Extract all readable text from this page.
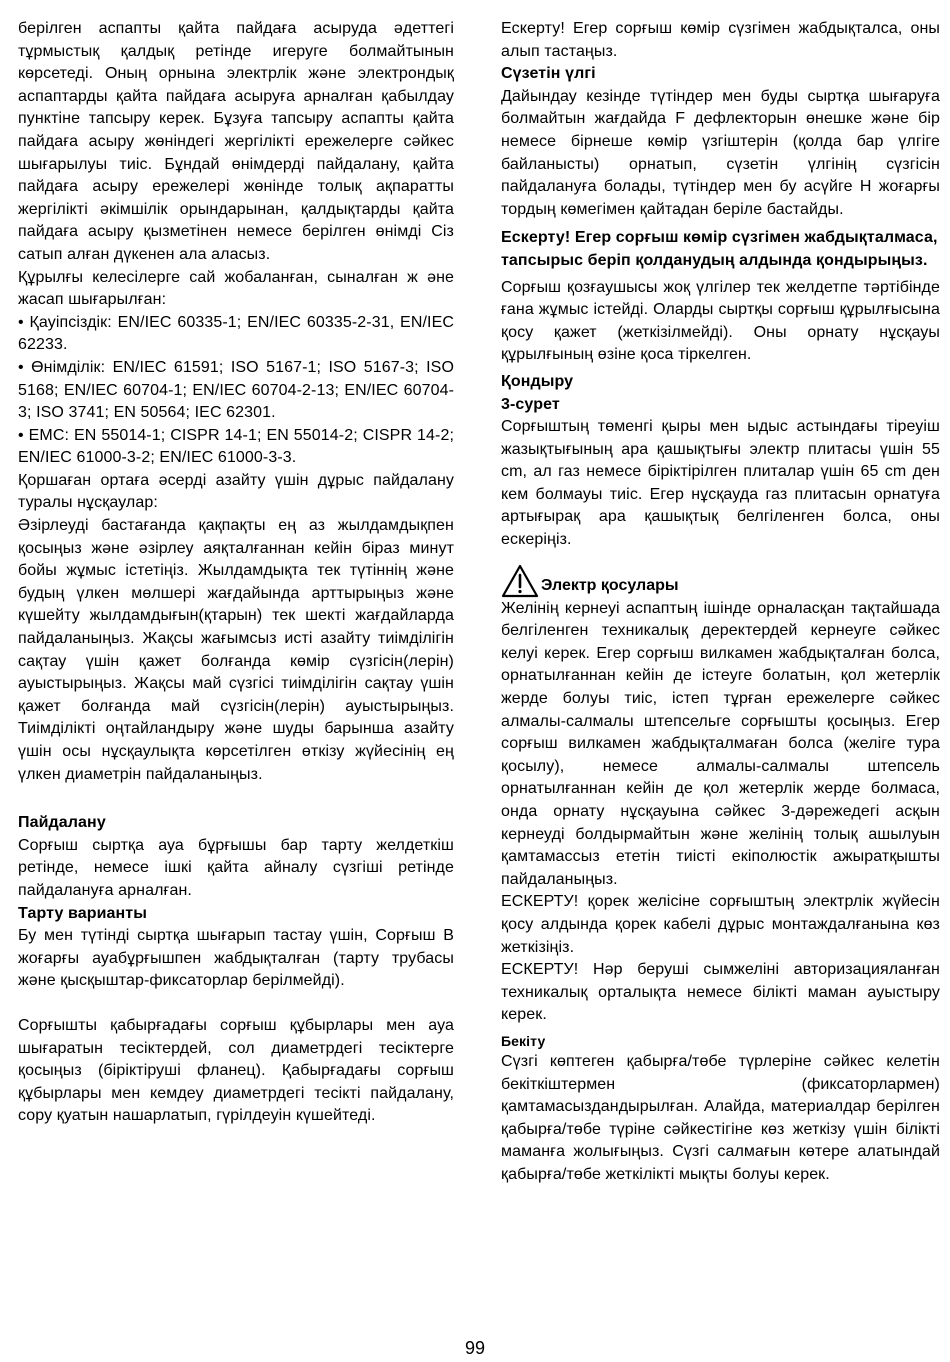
берілген аспапты қайта пайдаға асыруда әдеттегі тұрмыстық қалдық ретінде игеруге болмайтынын көрсетеді. Оның орнына электрлік және электрондық аспаптарды қайта пайдаға асыруға арналған қабылдау пунктіне тапсыру керек. Бұзуға тапсыру аспапты қайта пайдаға асыру жөніндегі жергілікті ережелерге сәйкес шығарылуы тиіс. Бұндай өнімдерді пайдалану, қайта пайдаға асыру ережелері жөнінде толық ақпаратты жергілікті әкімшілік орындарынан, қалдықтарды қайта пайдаға асыру қызметінен немесе берілген өнімді Сіз сатып алған дүкенен ала аласыз.

Құрылғы келесілерге сай жобаланған, сыналған ж әне жасап шығарылған:

• Қауіпсіздік: EN/IEC 60335-1; EN/IEC 60335-2-31, EN/IEC 62233.

• Өнімділік: EN/IEC 61591; ISO 5167-1; ISO 5167-3; ISO 5168; EN/IEC 60704-1; EN/IEC 60704-2-13; EN/IEC 60704-3; ISO 3741; EN 50564; IEC 62301.

• EMC: EN 55014-1; CISPR 14-1; EN 55014-2; CISPR 14-2; EN/IEC 61000-3-2; EN/IEC 61000-3-3.

Қоршаған ортаға әсерді азайту үшін дұрыс пайдалану туралы нұсқаулар:

Әзірлеуді бастағанда қақпақты ең аз жылдамдықпен қосыңыз және әзірлеу аяқталғаннан кейін біраз минут бойы жұмыс істетіңіз. Жылдамдықта тек түтіннің және будың үлкен мөлшері жағдайында арттырыңыз және күшейту жылдамдығын(қтарын) тек шекті жағдайларда пайдаланыңыз. Жақсы жағымсыз исті азайту тиімділігін сақтау үшін қажет болғанда көмір сүзгісін(лерін) ауыстырыңыз. Жақсы май сүзгісі тиімділігін сақтау үшін қажет болғанда май сүзгісін(лерін) ауыстырыңыз. Тиімділікті оңтайландыру және шуды барынша азайту үшін осы нұсқаулықта көрсетілген өткізу жүйесінің ең үлкен диаметрін пайдаланыңыз.

Пайдалану

Сорғыш сыртқа ауа бұрғышы бар тарту желдеткіш ретінде, немесе ішкі қайта айналу сүзгіші ретінде пайдалануға арналған.

Тарту варианты

Бу мен түтінді сыртқа шығарып тастау үшін, Сорғыш В жоғарғы ауабұрғышпен жабдықталған (тарту трубасы және қысқыштар-фиксаторлар берілмейді).

Сорғышты қабырғадағы сорғыш құбырлары мен ауа шығаратын тесіктердей, сол диаметрдегі тесіктерге қосыңыз (біріктіруші фланец). Қабырғадағы сорғыш құбырлары мен кемдеу диаметрдегі тесікті пайдалану, сору қуатын нашарлатып, гүрілдеуін күшейтеді.

Ескерту! Егер сорғыш көмір сүзгімен жабдықталса, оны алып тастаңыз.

Сүзетін үлгі

Дайындау кезінде түтіндер мен буды сыртқа шығаруға болмайтын жағдайда F дефлекторын өнешке және бір немесе бірнеше көмір үзгіштерін (қолда бар үлгіге байланысты) орнатып, сүзетін үлгінің сүзгісін пайдалануға болады, түтіндер мен бу асүйге Н жоғарғы тордың көмегімен қайтадан беріле бастайды.

Ескерту! Егер сорғыш көмір сүзгімен жабдықталмаса, тапсырыс беріп қолданудың алдында қондырыңыз.

Сорғыш қозғаушысы жоқ үлгілер тек желдетпе тәртібінде ғана жұмыс істейді. Оларды сыртқы сорғыш құрылғысына қосу қажет (жеткізілмейді). Оны орнату нұсқауы құрылғының өзіне қоса тіркелген.

Қондыру

3-сурет

Сорғыштың төменгі қыры мен ыдыс астындағы тіреуіш жазықтығының ара қашықтығы электр плитасы үшін 55 cm, ал газ немесе біріктірілген плиталар үшін 65 cm ден кем болмауы тиіс. Егер нұсқауда газ плитасын орнатуға артығырақ ара қашықтық белгіленген болса, оны ескеріңіз.

Электр қосулары

Желінің кернеуі аспаптың ішінде орналасқан тақтайшада белгіленген техникалық деректердей кернеуге сәйкес келуі керек. Егер сорғыш вилкамен жабдықталған болса, орнатылғаннан кейін де істеуге болатын, қол жетерлік жерде болуы тиіс, істеп тұрған ережелерге сәйкес алмалы-салмалы штепсельге сорғышты қосыңыз. Егер сорғыш вилкамен жабдықталмаған болса (желіге тура қосылу), немесе алмалы-салмалы штепсель орнатылғаннан кейін де қол жетерлік жерде болмаса, онда орнату нұсқауына сәйкес 3-дәрежедегі асқын кернеуді болдырмайтын және желінің толық ашылуын қамтамассыз ететін тиісті екіполюстік ажыратқышты пайдаланыңыз.

ЕСКЕРТУ! қорек желісіне сорғыштың электрлік жүйесін қосу алдында қорек кабелі дұрыс монтаждалғанына көз жеткізіңіз.

ЕСКЕРТУ! Нәр беруші сымжеліні авторизацияланған техникалық орталықта немесе білікті маман ауыстыру керек.

Бекіту

Сүзгі көптеген қабырға/төбе түрлеріне сәйкес келетін бекіткіштермен (фиксаторлармен) қамтамасыздандырылған. Алайда, материалдар берілген қабырға/төбе түріне сәйкестігіне көз жеткізу үшін білікті маманға жолығыңыз. Сүзгі салмағын көтере алатындай қабырға/төбе жеткілікті мықты болуы керек.

99
